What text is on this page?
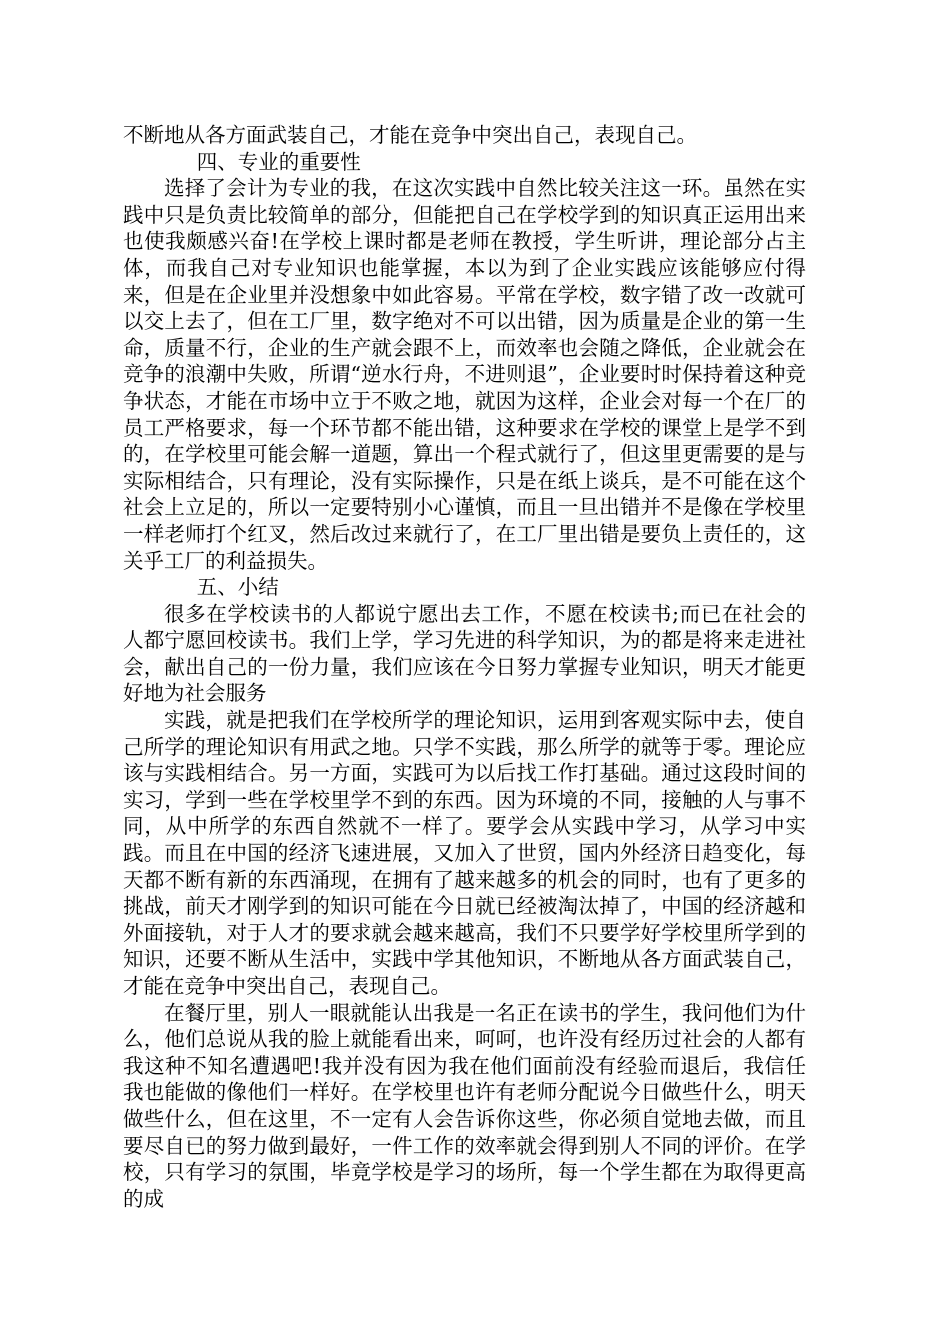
不断地从各方面武装自己，才能在竞争中突出自己，表现自己。

四、专业的重要性

选择了会计为专业的我，在这次实践中自然比较关注这一环。虽然在实践中只是负责比较简单的部分，但能把自己在学校学到的知识真正运用出来也使我颇感兴奋!在学校上课时都是老师在教授，学生听讲，理论部分占主体，而我自己对专业知识也能掌握，本以为到了企业实践应该能够应付得来，但是在企业里并没想象中如此容易。平常在学校，数字错了改一改就可以交上去了，但在工厂里，数字绝对不可以出错，因为质量是企业的第一生命，质量不行，企业的生产就会跟不上，而效率也会随之降低，企业就会在竞争的浪潮中失败，所谓“逆水行舟，不进则退”，企业要时时保持着这种竞争状态，才能在市场中立于不败之地，就因为这样，企业会对每一个在厂的员工严格要求，每一个环节都不能出错，这种要求在学校的课堂上是学不到的，在学校里可能会解一道题，算出一个程式就行了，但这里更需要的是与实际相结合，只有理论，没有实际操作，只是在纸上谈兵，是不可能在这个社会上立足的，所以一定要特别小心谨慎，而且一旦出错并不是像在学校里一样老师打个红叉，然后改过来就行了，在工厂里出错是要负上责任的，这关乎工厂的利益损失。

五、小结

很多在学校读书的人都说宁愿出去工作，不愿在校读书;而已在社会的人都宁愿回校读书。我们上学，学习先进的科学知识，为的都是将来走进社会，献出自己的一份力量，我们应该在今日努力掌握专业知识，明天才能更好地为社会服务

实践，就是把我们在学校所学的理论知识，运用到客观实际中去，使自己所学的理论知识有用武之地。只学不实践，那么所学的就等于零。理论应该与实践相结合。另一方面，实践可为以后找工作打基础。通过这段时间的实习，学到一些在学校里学不到的东西。因为环境的不同，接触的人与事不同，从中所学的东西自然就不一样了。要学会从实践中学习，从学习中实践。而且在中国的经济飞速进展，又加入了世贸，国内外经济日趋变化，每天都不断有新的东西涌现，在拥有了越来越多的机会的同时，也有了更多的挑战，前天才刚学到的知识可能在今日就已经被淘汰掉了，中国的经济越和外面接轨，对于人才的要求就会越来越高，我们不只要学好学校里所学到的知识，还要不断从生活中，实践中学其他知识，不断地从各方面武装自己，才能在竞争中突出自己，表现自己。

在餐厅里，别人一眼就能认出我是一名正在读书的学生，我问他们为什么，他们总说从我的脸上就能看出来，呵呵，也许没有经历过社会的人都有我这种不知名遭遇吧!我并没有因为我在他们面前没有经验而退后，我信任我也能做的像他们一样好。在学校里也许有老师分配说今日做些什么，明天做些什么，但在这里，不一定有人会告诉你这些，你必须自觉地去做，而且要尽自已的努力做到最好，一件工作的效率就会得到别人不同的评价。在学校，只有学习的氛围，毕竟学校是学习的场所，每一个学生都在为取得更高的成
